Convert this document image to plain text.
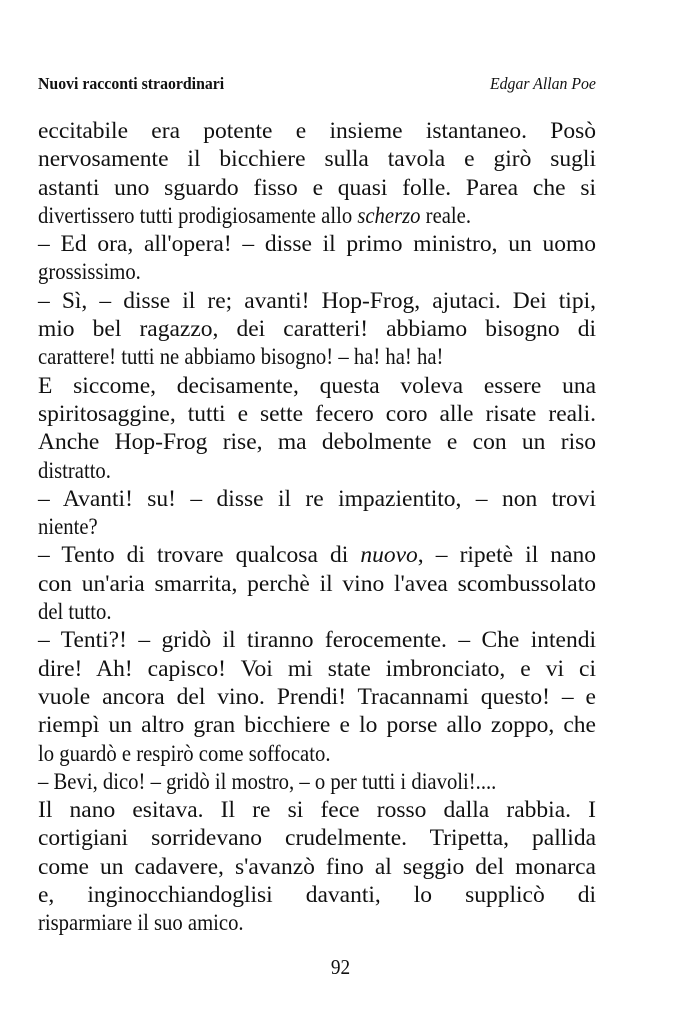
Nuovi racconti straordinari	Edgar Allan Poe
eccitabile era potente e insieme istantaneo. Posò
nervosamente il bicchiere sulla tavola e girò sugli
astanti uno sguardo fisso e quasi folle. Parea che si
divertissero tutti prodigiosamente allo scherzo reale.
– Ed ora, all'opera! – disse il primo ministro, un uomo
grossissimo.
– Sì, – disse il re; avanti! Hop-Frog, ajutaci. Dei tipi,
mio bel ragazzo, dei caratteri! abbiamo bisogno di
carattere! tutti ne abbiamo bisogno! – ha! ha! ha!
E siccome, decisamente, questa voleva essere una
spiritosaggine, tutti e sette fecero coro alle risate reali.
Anche Hop-Frog rise, ma debolmente e con un riso
distratto.
– Avanti! su! – disse il re impazientito, – non trovi
niente?
– Tento di trovare qualcosa di nuovo, – ripetè il nano
con un'aria smarrita, perchè il vino l'avea scombussolato
del tutto.
– Tenti?! – gridò il tiranno ferocemente. – Che intendi
dire! Ah! capisco! Voi mi state imbronciato, e vi ci
vuole ancora del vino. Prendi! Tracannami questo! – e
riempì un altro gran bicchiere e lo porse allo zoppo, che
lo guardò e respirò come soffocato.
– Bevi, dico! – gridò il mostro, – o per tutti i diavoli!....
Il nano esitava. Il re si fece rosso dalla rabbia. I
cortigiani sorridevano crudelmente. Tripetta, pallida
come un cadavere, s'avanzò fino al seggio del monarca
e, inginocchiandoglisi davanti, lo supplicò di
risparmiare il suo amico.
92
